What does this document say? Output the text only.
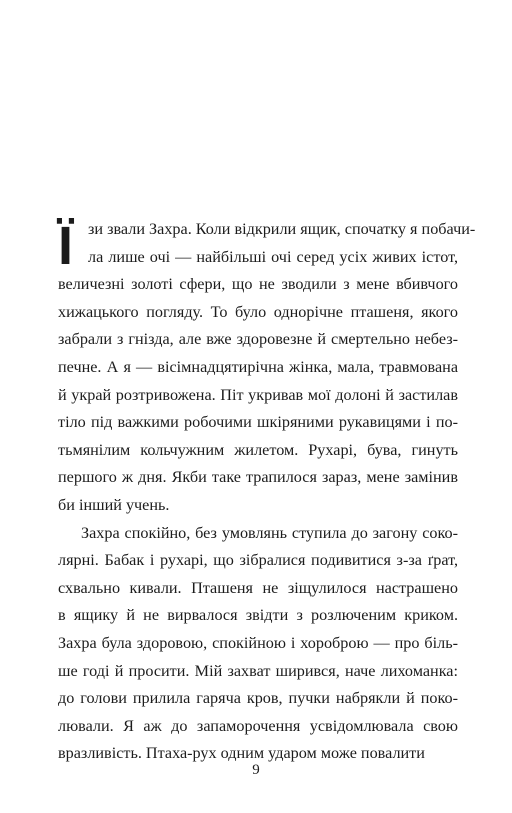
Ї зи звали Захра. Коли відкрили ящик, спочатку я побачи-
ла лише очі — найбільші очі серед усіх живих істот,
величезні золоті сфери, що не зводили з мене вбивчого
хижацького погляду. То було однорічне пташеня, якого
забрали з гнізда, але вже здоровезне й смертельно небез-
печне. А я — вісімнадцятирічна жінка, мала, травмована
й украй розтривожена. Піт укривав мої долоні й застилав
тіло під важкими робочими шкіряними рукавицями і по-
тьмянілим кольчужним жилетом. Рухарі, бува, гинуть
першого ж дня. Якби таке трапилося зараз, мене замінив
би інший учень.
Захра спокійно, без умовлянь ступила до загону соко-
лярні. Бабак і рухарі, що зібралися подивитися з-за ґрат,
схвально кивали. Пташеня не зіщулилося настрашено
в ящику й не вирвалося звідти з розлюченим криком.
Захра була здоровою, спокійною і хороброю — про біль-
ше годі й просити. Мій захват ширився, наче лихоманка:
до голови прилила гаряча кров, пучки набрякли й поко-
лювали. Я аж до запаморочення усвідомлювала свою
вразливість. Птаха-рух одним ударом може повалити
9
